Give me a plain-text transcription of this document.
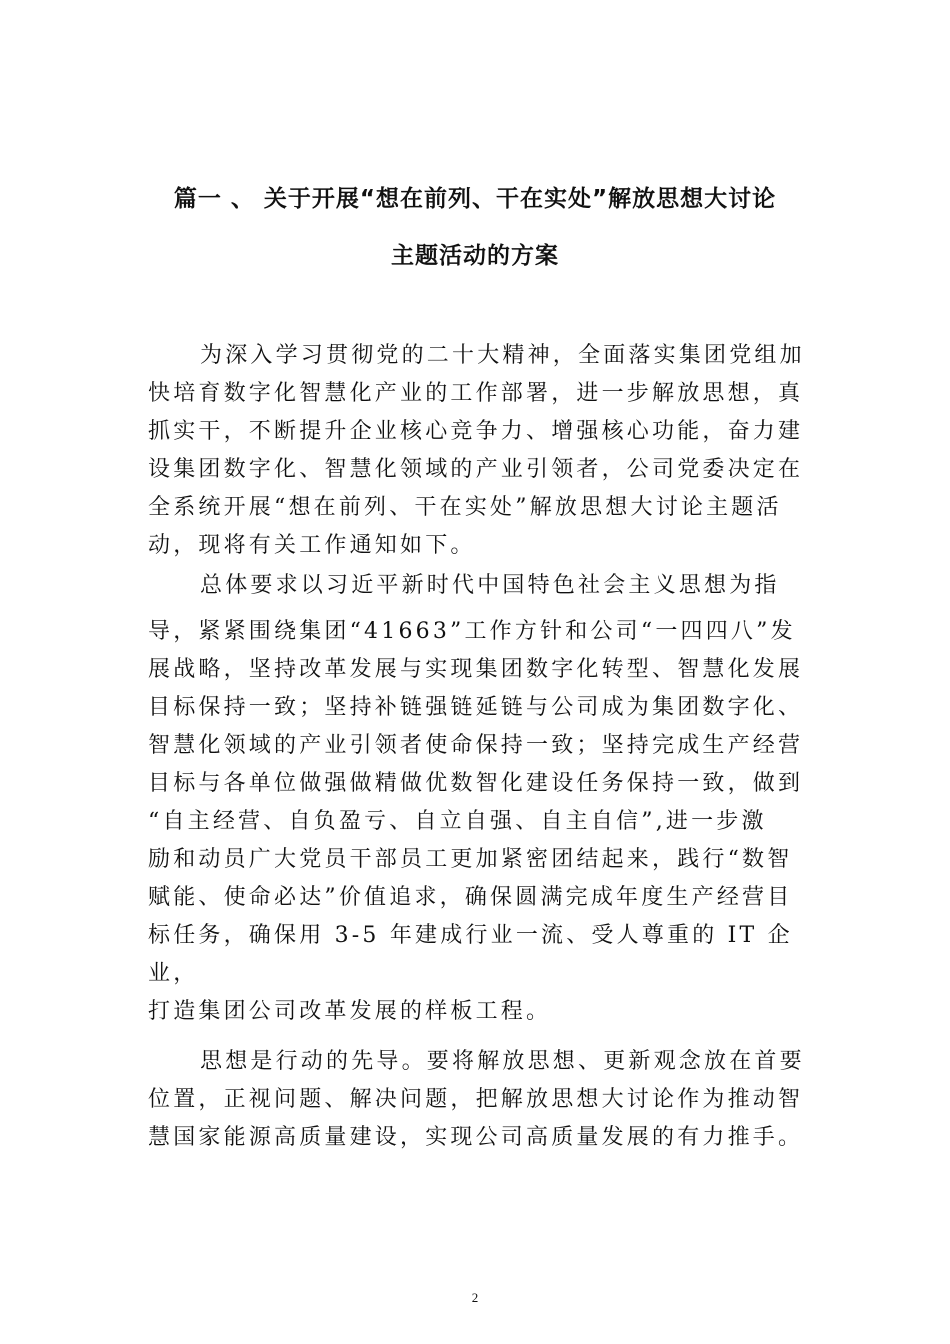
篇一 、 关于开展“想在前列、干在实处”解放思想大讨论
主题活动的方案
为深入学习贯彻党的二十大精神，全面落实集团党组加
快培育数字化智慧化产业的工作部署，进一步解放思想，真
抓实干，不断提升企业核心竞争力、增强核心功能，奋力建
设集团数字化、智慧化领域的产业引领者，公司党委决定在
全系统开展“想在前列、干在实处”解放思想大讨论主题活
动，现将有关工作通知如下。
总体要求以习近平新时代中国特色社会主义思想为指
导，紧紧围绕集团“41663”工作方针和公司“一四四八”发
展战略，坚持改革发展与实现集团数字化转型、智慧化发展
目标保持一致；坚持补链强链延链与公司成为集团数字化、
智慧化领域的产业引领者使命保持一致；坚持完成生产经营
目标与各单位做强做精做优数智化建设任务保持一致，做到
“自主经营、自负盈亏、自立自强、自主自信”,进一步激
励和动员广大党员干部员工更加紧密团结起来，践行“数智
赋能、使命必达”价值追求，确保圆满完成年度生产经营目
标任务，确保用 3-5 年建成行业一流、受人尊重的 IT 企
业，
打造集团公司改革发展的样板工程。
思想是行动的先导。要将解放思想、更新观念放在首要
位置，正视问题、解决问题，把解放思想大讨论作为推动智
慧国家能源高质量建设，实现公司高质量发展的有力推手。
2
